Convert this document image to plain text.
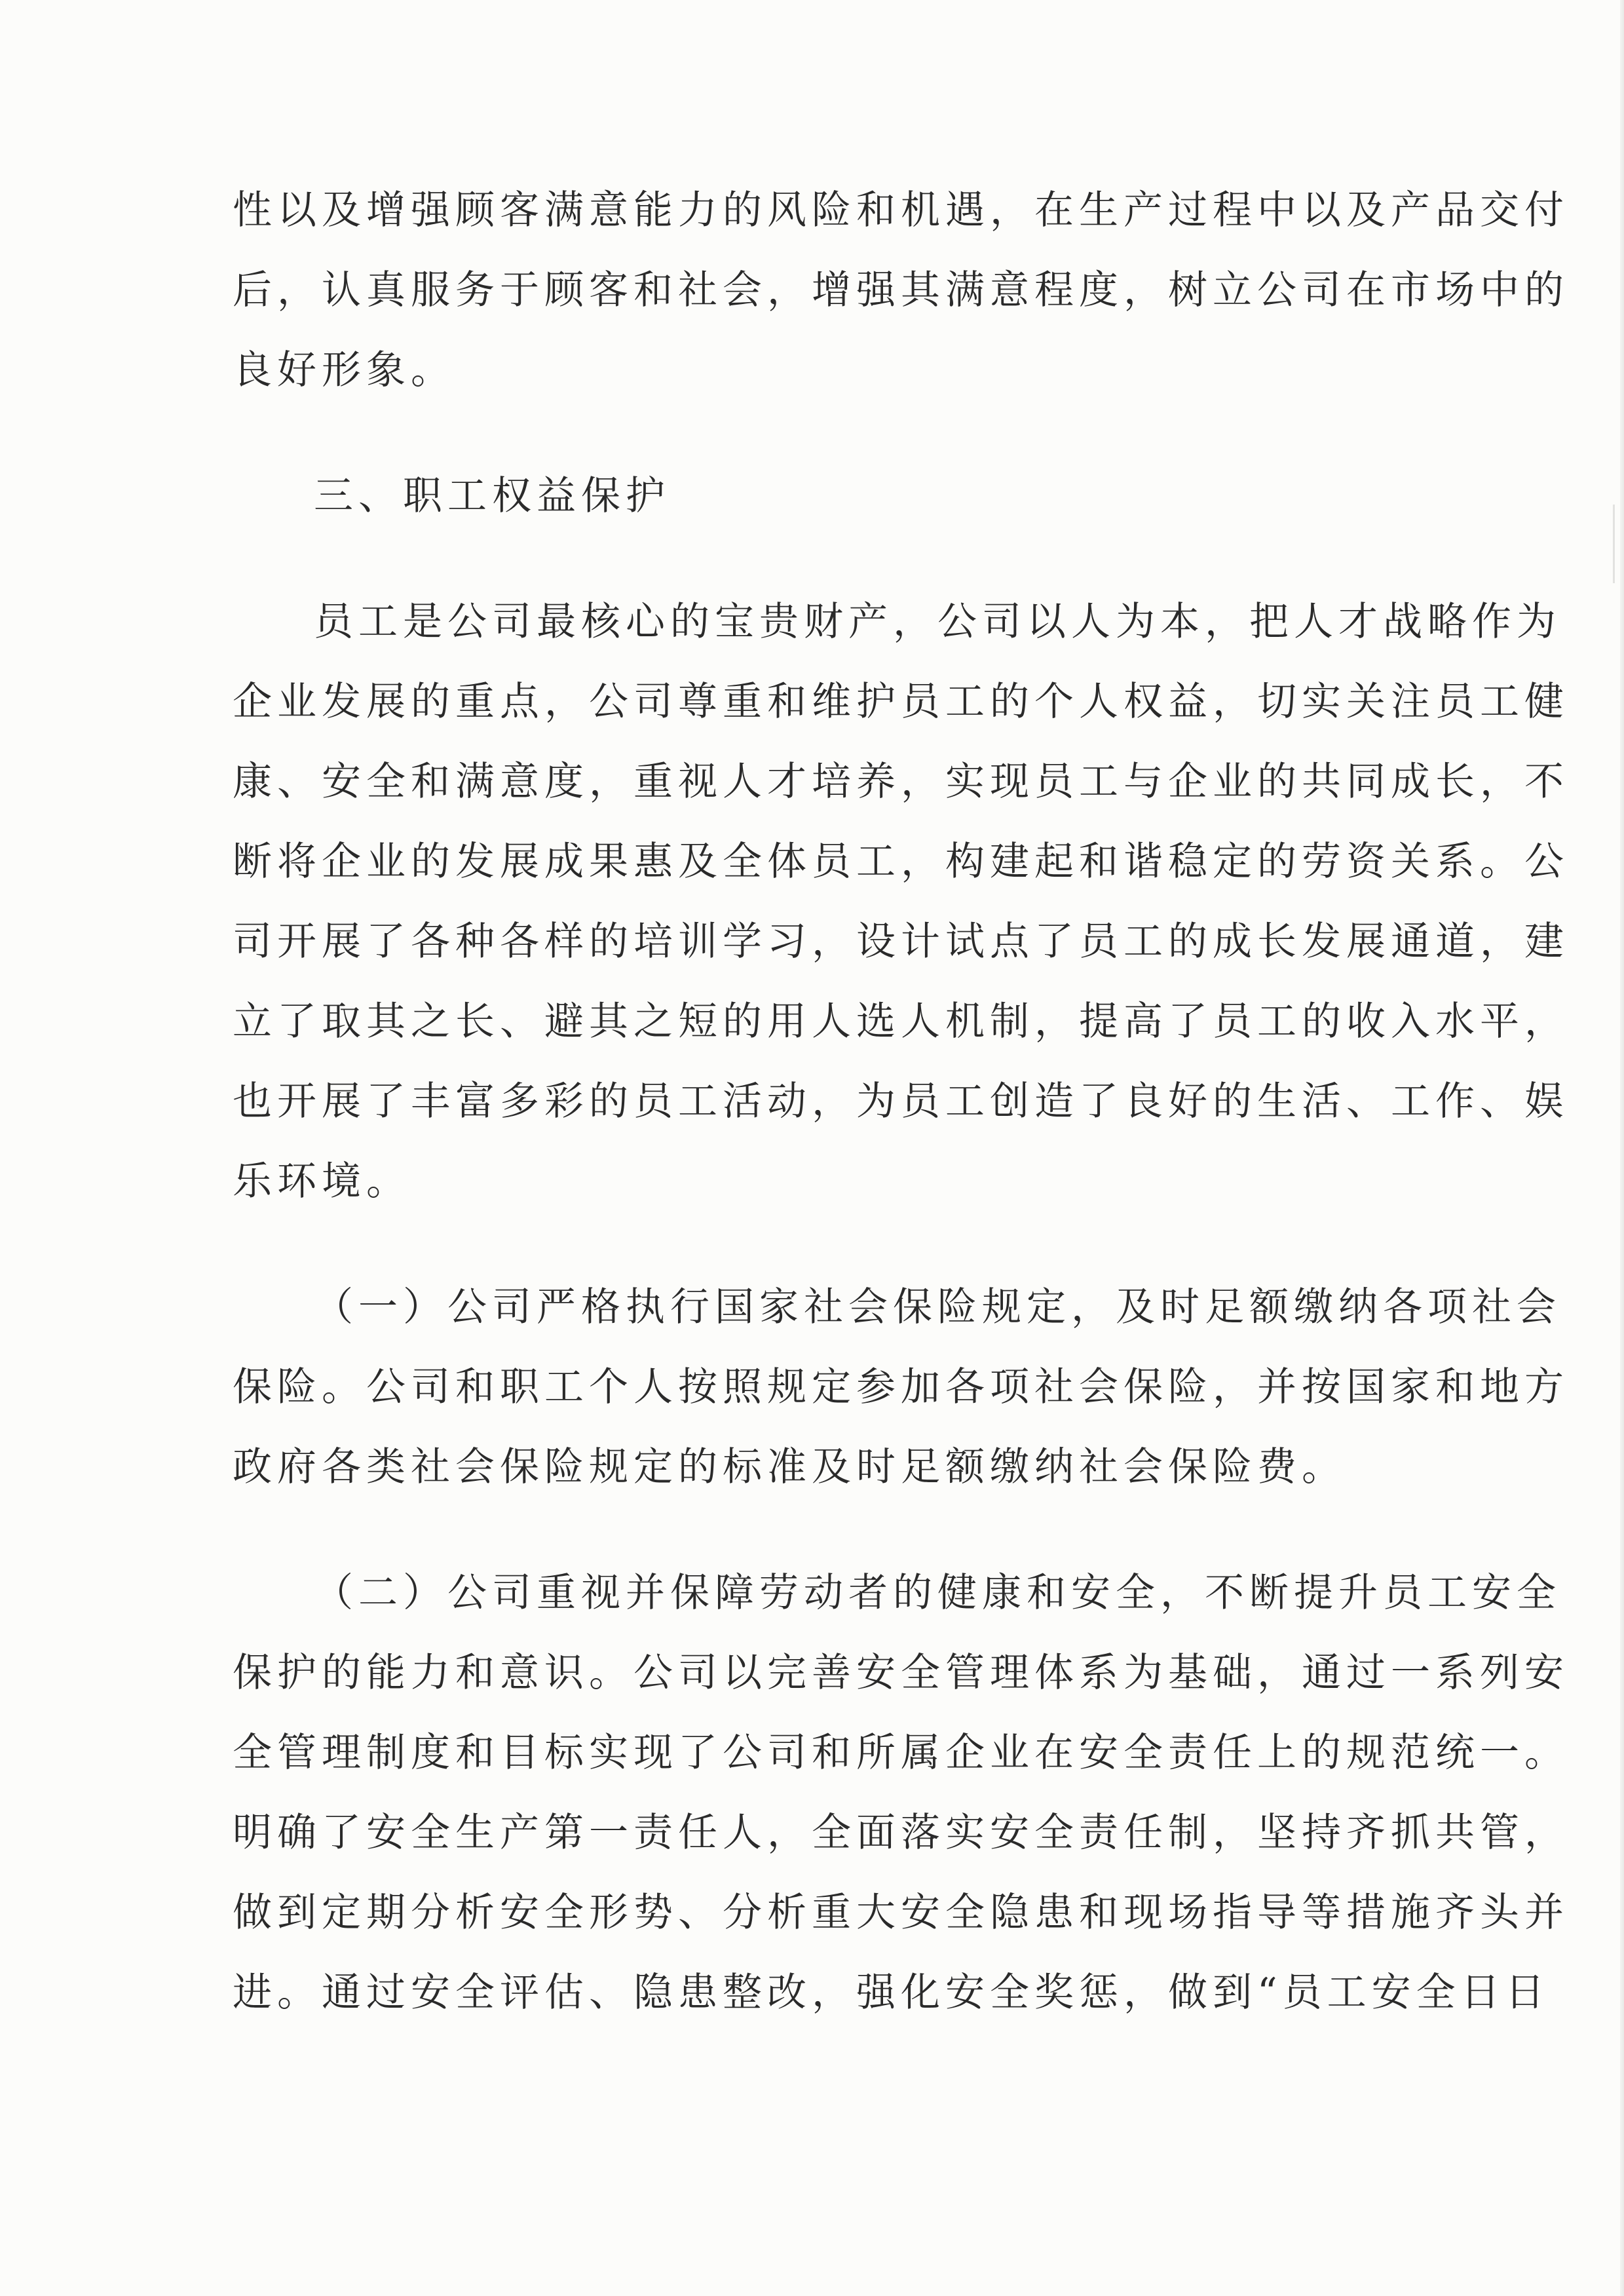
性以及增强顾客满意能力的风险和机遇，在生产过程中以及产品交付
后，认真服务于顾客和社会，增强其满意程度，树立公司在市场中的
良好形象。
三、职工权益保护
员工是公司最核心的宝贵财产，公司以人为本，把人才战略作为
企业发展的重点，公司尊重和维护员工的个人权益，切实关注员工健
康、安全和满意度，重视人才培养，实现员工与企业的共同成长，不
断将企业的发展成果惠及全体员工，构建起和谐稳定的劳资关系。公
司开展了各种各样的培训学习，设计试点了员工的成长发展通道，建
立了取其之长、避其之短的用人选人机制，提高了员工的收入水平，
也开展了丰富多彩的员工活动，为员工创造了良好的生活、工作、娱
乐环境。
（一）公司严格执行国家社会保险规定，及时足额缴纳各项社会
保险。公司和职工个人按照规定参加各项社会保险，并按国家和地方
政府各类社会保险规定的标准及时足额缴纳社会保险费。
（二）公司重视并保障劳动者的健康和安全，不断提升员工安全
保护的能力和意识。公司以完善安全管理体系为基础，通过一系列安
全管理制度和目标实现了公司和所属企业在安全责任上的规范统一。
明确了安全生产第一责任人，全面落实安全责任制，坚持齐抓共管，
做到定期分析安全形势、分析重大安全隐患和现场指导等措施齐头并
进。通过安全评估、隐患整改，强化安全奖惩，做到“员工安全日日
